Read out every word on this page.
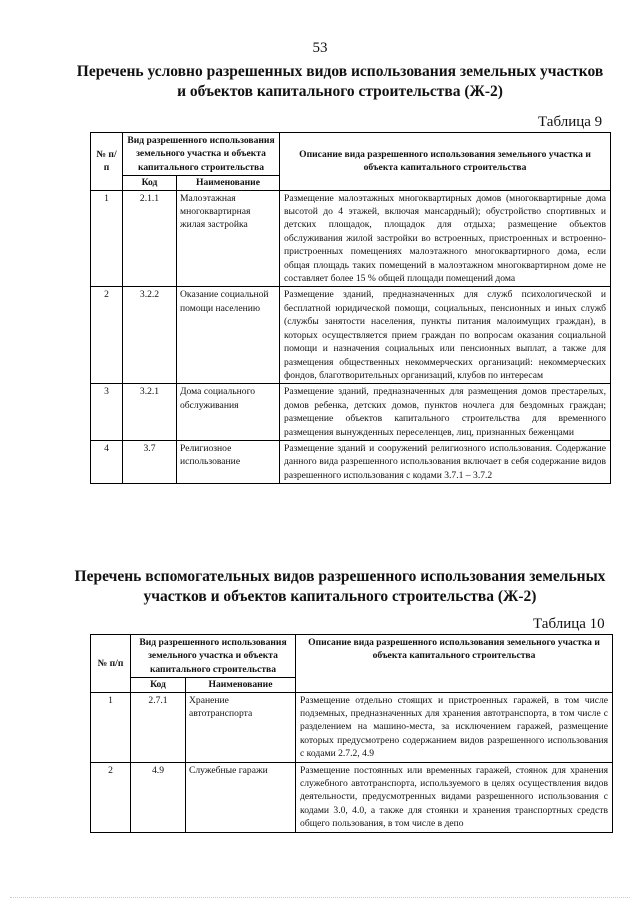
53
Перечень условно разрешенных видов использования земельных участков
и объектов капитального строительства (Ж-2)
Таблица 9
№ п/п	Вид разрешенного использования земельного участка и объекта капитального строительства		Описание вида разрешенного использования земельного участка и объекта капитального строительства
	Код	Наименование	
1	2.1.1	Малоэтажная многоквартирная жилая застройка	Размещение малоэтажных многоквартирных домов (многоквартирные дома высотой до 4 этажей, включая мансардный); обустройство спортивных и детских площадок, площадок для отдыха; размещение объектов обслуживания жилой застройки во встроенных, пристроенных и встроенно-пристроенных помещениях малоэтажного многоквартирного дома, если общая площадь таких помещений в малоэтажном многоквартирном доме не составляет более 15 % общей площади помещений дома
2	3.2.2	Оказание социальной помощи населению	Размещение зданий, предназначенных для служб психологической и бесплатной юридической помощи, социальных, пенсионных и иных служб (службы занятости населения, пункты питания малоимущих граждан), в которых осуществляется прием граждан по вопросам оказания социальной помощи и назначения социальных или пенсионных выплат, а также для размещения общественных некоммерческих организаций: некоммерческих фондов, благотворительных организаций, клубов по интересам
3	3.2.1	Дома социального обслуживания	Размещение зданий, предназначенных для размещения домов престарелых, домов ребенка, детских домов, пунктов ночлега для бездомных граждан; размещение объектов капитального строительства для временного размещения вынужденных переселенцев, лиц, признанных беженцами
4	3.7	Религиозное использование	Размещение зданий и сооружений религиозного использования. Содержание данного вида разрешенного использования включает в себя содержание видов разрешенного использования с кодами 3.7.1 – 3.7.2
Перечень вспомогательных видов разрешенного использования земельных
участков и объектов капитального строительства (Ж-2)
Таблица 10
№ п/п	Вид разрешенного использования земельного участка и объекта капитального строительства		Описание вида разрешенного использования земельного участка и объекта капитального строительства
	Код	Наименование	
1	2.7.1	Хранение автотранспорта	Размещение отдельно стоящих и пристроенных гаражей, в том числе подземных, предназначенных для хранения автотранспорта, в том числе с разделением на машино-места, за исключением гаражей, размещение которых предусмотрено содержанием видов разрешенного использования с кодами 2.7.2, 4.9
2	4.9	Служебные гаражи	Размещение постоянных или временных гаражей, стоянок для хранения служебного автотранспорта, используемого в целях осуществления видов деятельности, предусмотренных видами разрешенного использования с кодами 3.0, 4.0, а также для стоянки и хранения транспортных средств общего пользования, в том числе в депо
